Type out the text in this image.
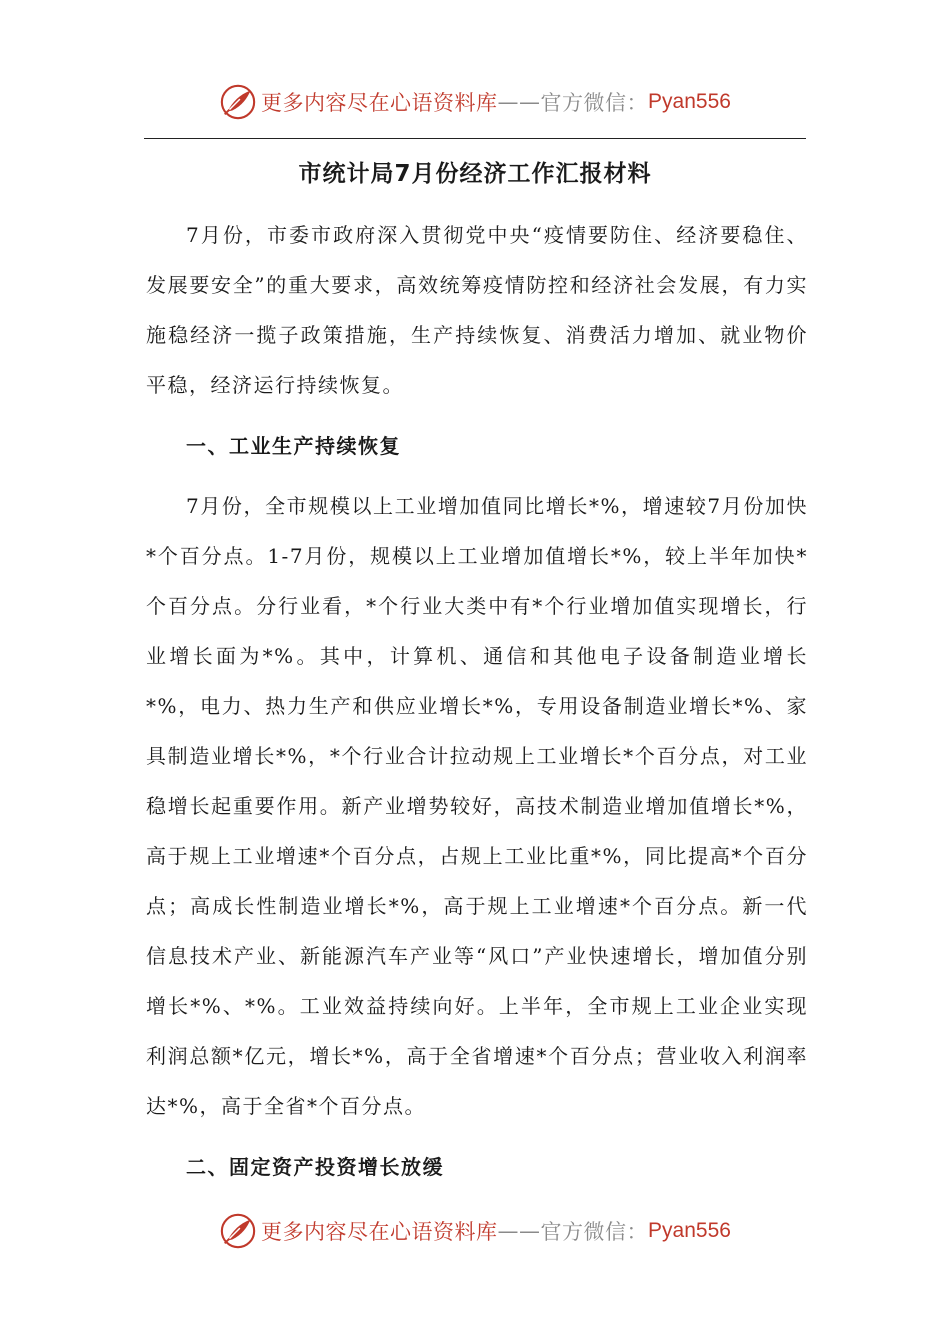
更多内容尽在心语资料库 —— 官方微信： Pyan556
市统计局7月份经济工作汇报材料

7月份，市委市政府深入贯彻党中央“疫情要防住、经济要稳住、发展要安全”的重大要求，高效统筹疫情防控和经济社会发展，有力实施稳经济一揽子政策措施，生产持续恢复、消费活力增加、就业物价平稳，经济运行持续恢复。

一、工业生产持续恢复

7月份，全市规模以上工业增加值同比增长*%，增速较7月份加快*个百分点。1-7月份，规模以上工业增加值增长*%，较上半年加快*个百分点。分行业看，*个行业大类中有*个行业增加值实现增长，行业增长面为*%。其中，计算机、通信和其他电子设备制造业增长*%，电力、热力生产和供应业增长*%，专用设备制造业增长*%、家具制造业增长*%，*个行业合计拉动规上工业增长*个百分点，对工业稳增长起重要作用。新产业增势较好，高技术制造业增加值增长*%，高于规上工业增速*个百分点，占规上工业比重*%，同比提高*个百分点；高成长性制造业增长*%，高于规上工业增速*个百分点。新一代信息技术产业、新能源汽车产业等“风口”产业快速增长，增加值分别增长*%、*%。工业效益持续向好。上半年，全市规上工业企业实现利润总额*亿元，增长*%，高于全省增速*个百分点；营业收入利润率达*%，高于全省*个百分点。

二、固定资产投资增长放缓
更多内容尽在心语资料库 —— 官方微信： Pyan556
